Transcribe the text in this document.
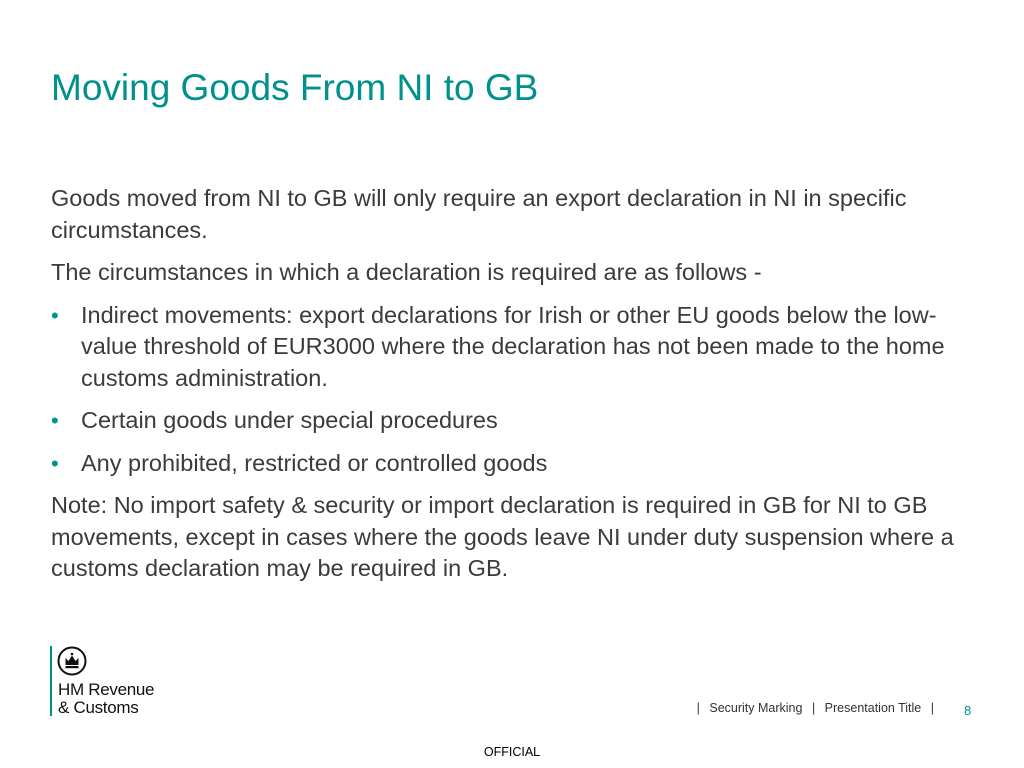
Moving Goods From NI to GB

Goods moved from NI to GB will only require an export declaration in NI in specific circumstances.

The circumstances in which a declaration is required are as follows -

• Indirect movements: export declarations for Irish or other EU goods below the low-value threshold of EUR3000 where the declaration has not been made to the home customs administration.
• Certain goods under special procedures
• Any prohibited, restricted or controlled goods

Note: No import safety & security or import declaration is required in GB for NI to GB movements, except in cases where the goods leave NI under duty suspension where a customs declaration may be required in GB.

HM Revenue
& Customs	| Security Marking | Presentation Title |	8
OFFICIAL
